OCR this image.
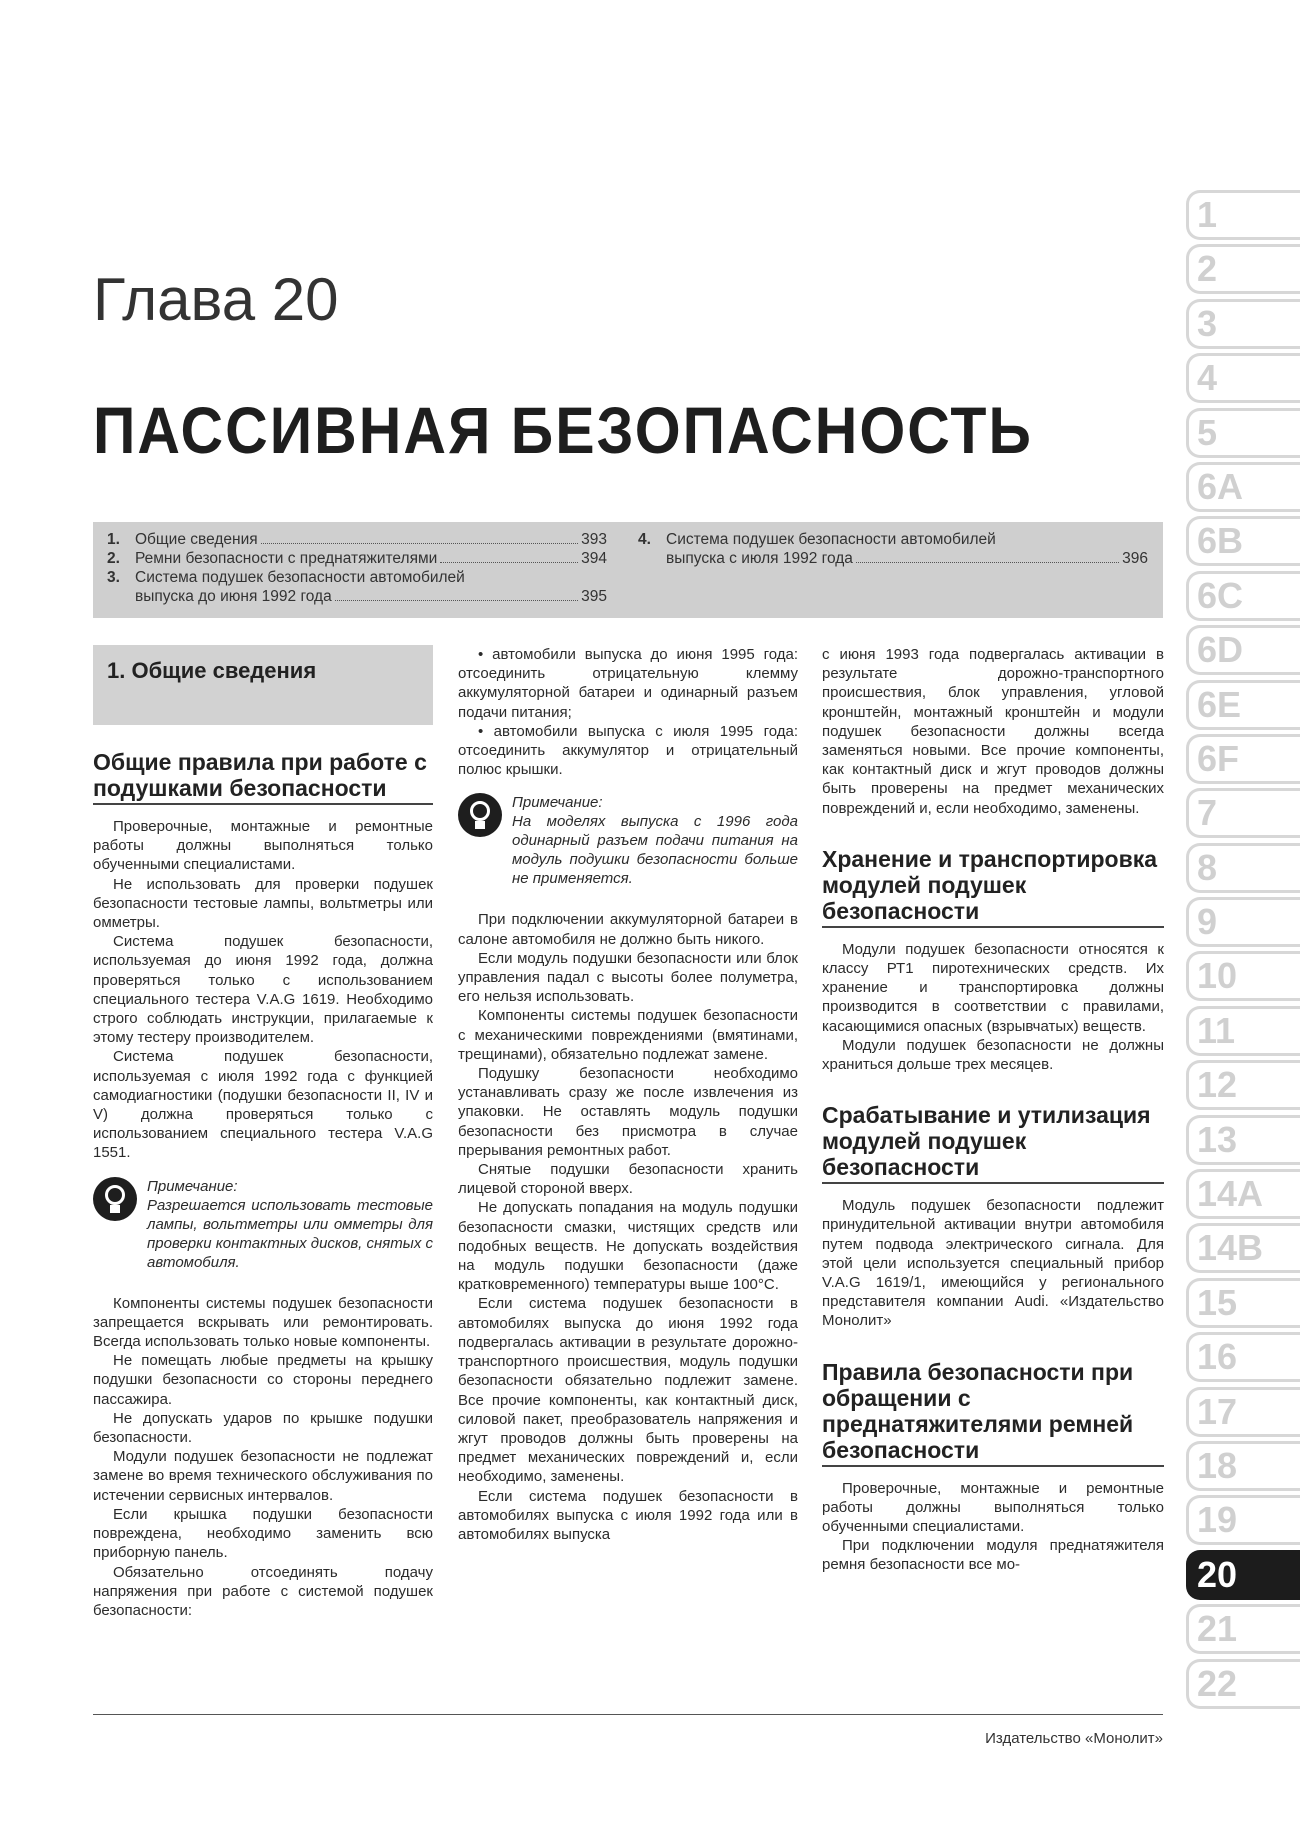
Глава 20
ПАССИВНАЯ БЕЗОПАСНОСТЬ
1. Общие сведения	393
2. Ремни безопасности с преднатяжителями	394
3. Система подушек безопасности автомобилей
выпуска до июня 1992 года	395
4. Система подушек безопасности автомобилей
выпуска с июля 1992 года	396
1. Общие сведения
Общие правила при работе с подушками безопасности

Проверочные, монтажные и ремонтные работы должны выполняться только обученными специалистами.

Не использовать для проверки подушек безопасности тестовые лампы, вольтметры или омметры.

Система подушек безопасности, используемая до июня 1992 года, должна проверяться только с использованием специального тестера V.A.G 1619. Необходимо строго соблюдать инструкции, прилагаемые к этому тестеру производителем.

Система подушек безопасности, используемая с июля 1992 года с функцией самодиагностики (подушки безопасности II, IV и V) должна проверяться только с использованием специального тестера V.A.G 1551.

Примечание:
Разрешается использовать тестовые лампы, вольтметры или омметры для проверки контактных дисков, снятых с автомобиля.

Компоненты системы подушек безопасности запрещается вскрывать или ремонтировать. Всегда использовать только новые компоненты.

Не помещать любые предметы на крышку подушки безопасности со стороны переднего пассажира.

Не допускать ударов по крышке подушки безопасности.

Модули подушек безопасности не подлежат замене во время технического обслуживания по истечении сервисных интервалов.

Если крышка подушки безопасности повреждена, необходимо заменить всю приборную панель.

Обязательно отсоединять подачу напряжения при работе с системой подушек безопасности:

• автомобили выпуска до июня 1995 года: отсоединить отрицательную клемму аккумуляторной батареи и одинарный разъем подачи питания;

• автомобили выпуска с июля 1995 года: отсоединить аккумулятор и отрицательный полюс крышки.

Примечание:
На моделях выпуска с 1996 года одинарный разъем подачи питания на модуль подушки безопасности больше не применяется.

При подключении аккумуляторной батареи в салоне автомобиля не должно быть никого.

Если модуль подушки безопасности или блок управления падал с высоты более полуметра, его нельзя использовать.

Компоненты системы подушек безопасности с механическими повреждениями (вмятинами, трещинами), обязательно подлежат замене.

Подушку безопасности необходимо устанавливать сразу же после извлечения из упаковки. Не оставлять модуль подушки безопасности без присмотра в случае прерывания ремонтных работ.

Снятые подушки безопасности хранить лицевой стороной вверх.

Не допускать попадания на модуль подушки безопасности смазки, чистящих средств или подобных веществ. Не допускать воздействия на модуль подушки безопасности (даже кратковременного) температуры выше 100°С.

Если система подушек безопасности в автомобилях выпуска до июня 1992 года подвергалась активации в результате дорожно-транспортного происшествия, модуль подушки безопасности обязательно подлежит замене. Все прочие компоненты, как контактный диск, силовой пакет, преобразователь напряжения и жгут проводов должны быть проверены на предмет механических повреждений и, если необходимо, заменены.

Если система подушек безопасности в автомобилях выпуска с июля 1992 года или в автомобилях выпуска

с июня 1993 года подвергалась активации в результате дорожно-транспортного происшествия, блок управления, угловой кронштейн, монтажный кронштейн и модули подушек безопасности должны всегда заменяться новыми. Все прочие компоненты, как контактный диск и жгут проводов должны быть проверены на предмет механических повреждений и, если необходимо, заменены.

Хранение и транспортировка модулей подушек безопасности

Модули подушек безопасности относятся к классу РТ1 пиротехнических средств. Их хранение и транспортировка должны производится в соответствии с правилами, касающимися опасных (взрывчатых) веществ.

Модули подушек безопасности не должны храниться дольше трех месяцев.

Срабатывание и утилизация модулей подушек безопасности

Модуль подушек безопасности подлежит принудительной активации внутри автомобиля путем подвода электрического сигнала. Для этой цели используется специальный прибор V.A.G 1619/1, имеющийся у регионального представителя компании Audi. «Издательство Монолит»

Правила безопасности при обращении с преднатяжителями ремней безопасности

Проверочные, монтажные и ремонтные работы должны выполняться только обученными специалистами.

При подключении модуля преднатяжителя ремня безопасности все мо-

1
2
3
4
5
6A
6B
6C
6D
6E
6F
7
8
9
10
11
12
13
14A
14B
15
16
17
18
19
20
21
22
Издательство «Монолит»
